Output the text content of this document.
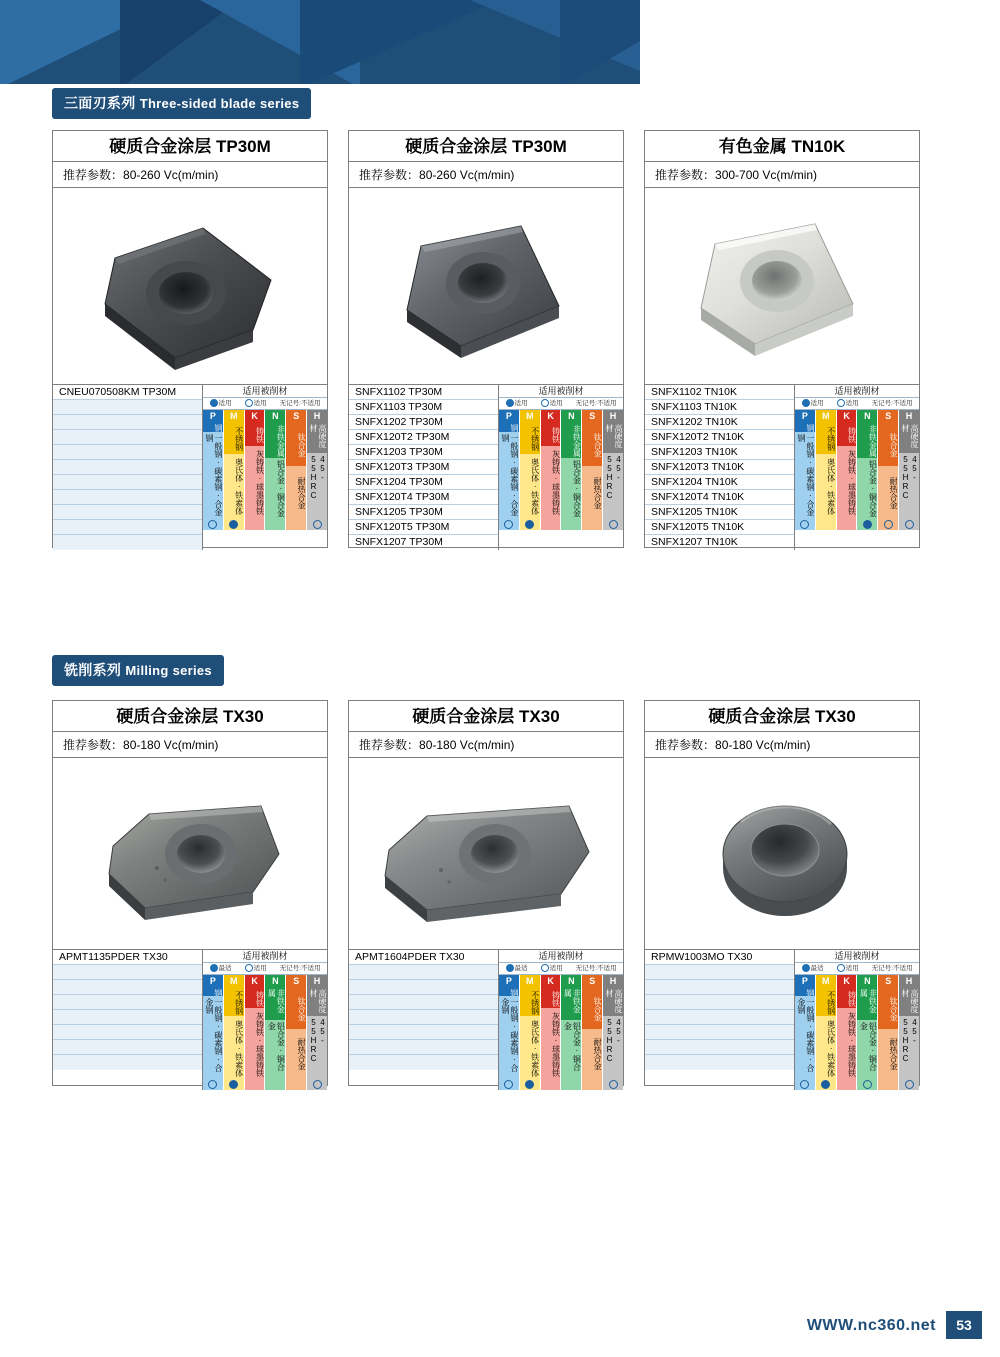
三面刃系列 Three-sided blade series
硬质合金涂层 TP30M
推荐参数：80-260 Vc(m/min)
CNEU070508KM TP30M	适用被削材
适用	适用 无记号:不适用
P
钢
一般钢·碳素钢·合金钢
M
不锈钢
奥氏体·铁素体
K
铸铁
灰铸铁·球墨铸铁
N
非铁金属
铝合金·铜合金
S
钛合金
耐热合金
H
高硬度材
45-55HRC
硬质合金涂层 TP30M
推荐参数：80-260 Vc(m/min)
SNFX1102 TP30M
SNFX1103 TP30M
SNFX1202 TP30M
SNFX120T2 TP30M
SNFX1203 TP30M
SNFX120T3 TP30M
SNFX1204 TP30M
SNFX120T4 TP30M
SNFX1205 TP30M
SNFX120T5 TP30M
SNFX1207 TP30M
适用被削材
适用	适用 无记号:不适用
P
钢
一般钢·碳素钢·合金钢
M
不锈钢
奥氏体·铁素体
K
铸铁
灰铸铁·球墨铸铁
N
非铁金属
铝合金·铜合金
S
钛合金
耐热合金
H
高硬度材
45-55HRC
有色金属 TN10K
推荐参数：300-700 Vc(m/min)
SNFX1102 TN10K
SNFX1103 TN10K
SNFX1202 TN10K
SNFX120T2 TN10K
SNFX1203 TN10K
SNFX120T3 TN10K
SNFX1204 TN10K
SNFX120T4 TN10K
SNFX1205 TN10K
SNFX120T5 TN10K
SNFX1207 TN10K
适用被削材
适用	适用 无记号:不适用
P
钢
一般钢·碳素钢·合金钢
M
不锈钢
奥氏体·铁素体
K
铸铁
灰铸铁·球墨铸铁
N
非铁金属
铝合金·铜合金
S
钛合金
耐热合金
H
高硬度材
45-55HRC
铣削系列 Milling series
硬质合金涂层 TX30
推荐参数：80-180 Vc(m/min)
APMT1135PDER TX30	适用被削材
最适	适用 无记号:不适用
P
钢
一般钢·碳素钢·合金钢
M
不锈钢
奥氏体·铁素体
K
铸铁
灰铸铁·球墨铸铁
N
非铁金属
铝合金·铜合金
S
钛合金
耐热合金
H
高硬度材
45-55HRC
硬质合金涂层 TX30
推荐参数：80-180 Vc(m/min)
APMT1604PDER TX30	适用被削材
最适	适用 无记号:不适用
P
钢
一般钢·碳素钢·合金钢
M
不锈钢
奥氏体·铁素体
K
铸铁
灰铸铁·球墨铸铁
N
非铁金属
铝合金·铜合金
S
钛合金
耐热合金
H
高硬度材
45-55HRC
硬质合金涂层 TX30
推荐参数：80-180 Vc(m/min)
RPMW1003MO TX30	适用被削材
最适	适用 无记号:不适用
P
钢
一般钢·碳素钢·合金钢
M
不锈钢
奥氏体·铁素体
K
铸铁
灰铸铁·球墨铸铁
N
非铁金属
铝合金·铜合金
S
钛合金
耐热合金
H
高硬度材
45-55HRC
WWW.nc360.net	53
